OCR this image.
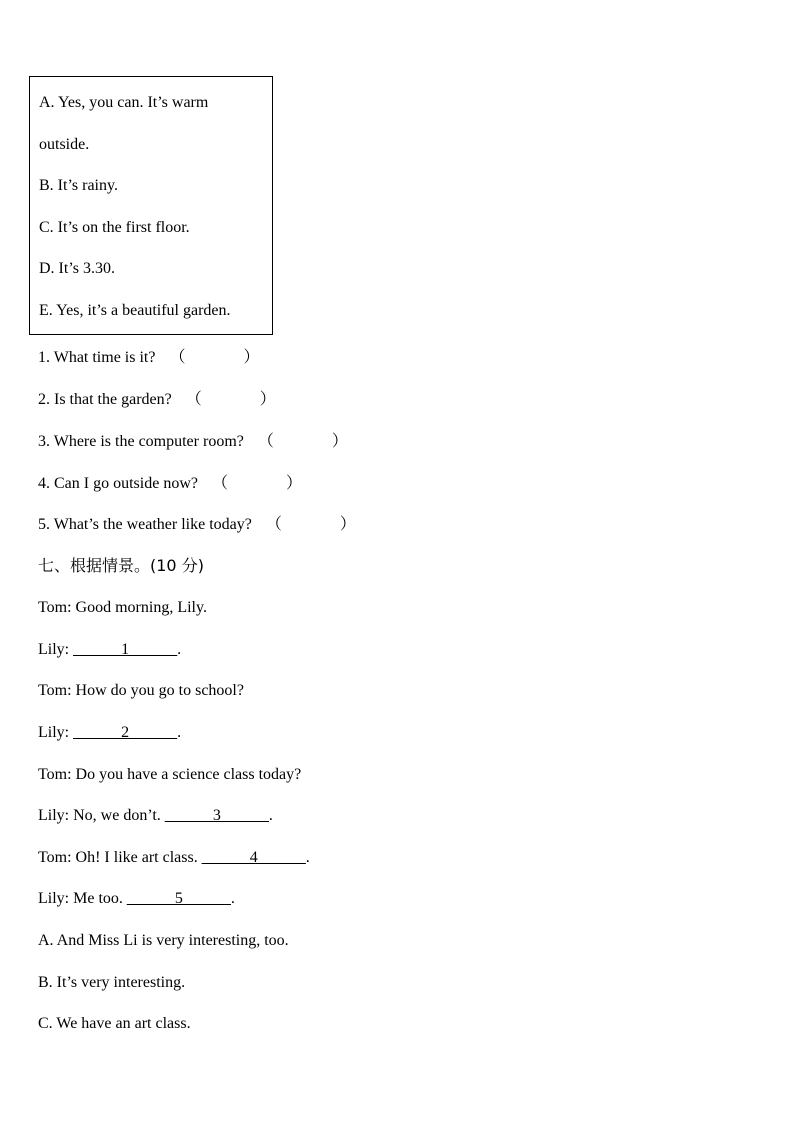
A. Yes, you can. It’s warm
outside.
B. It’s rainy.
C. It’s on the first floor.
D. It’s 3.30.
E. Yes, it’s a beautiful garden.
1. What time is it? （	）
2. Is that the garden? （	）
3. Where is the computer room? （	）
4. Can I go outside now? （	）
5. What’s the weather like today? （	）
七、根据情景。(10 分)
Tom: Good morning, Lily.
Lily: ______1______.
Tom: How do you go to school?
Lily: ______2______.
Tom: Do you have a science class today?
Lily: No, we don’t. ______3______.
Tom: Oh! I like art class. ______4______.
Lily: Me too. ______5______.
A. And Miss Li is very interesting, too.
B. It’s very interesting.
C. We have an art class.
